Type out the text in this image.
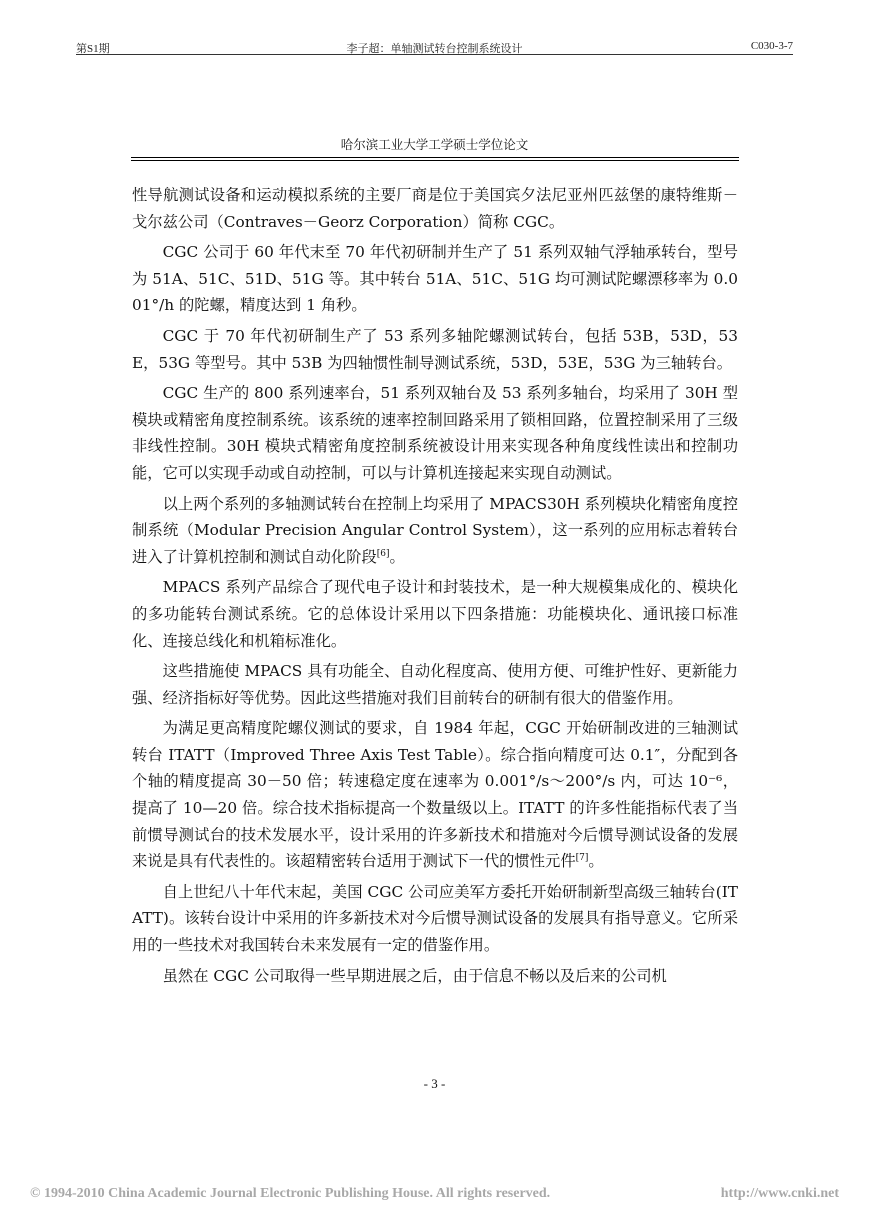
第S1期	李子超：单轴测试转台控制系统设计	C030-3-7
哈尔滨工业大学工学硕士学位论文

性导航测试设备和运动模拟系统的主要厂商是位于美国宾夕法尼亚州匹兹堡的康特维斯－戈尔兹公司（Contraves－Georz Corporation）简称 CGC。

CGC 公司于 60 年代末至 70 年代初研制并生产了 51 系列双轴气浮轴承转台，型号为 51A、51C、51D、51G 等。其中转台 51A、51C、51G 均可测试陀螺漂移率为 0.001°/h 的陀螺，精度达到 1 角秒。

CGC 于 70 年代初研制生产了 53 系列多轴陀螺测试转台，包括 53B，53D，53E，53G 等型号。其中 53B 为四轴惯性制导测试系统，53D，53E，53G 为三轴转台。

CGC 生产的 800 系列速率台，51 系列双轴台及 53 系列多轴台，均采用了 30H 型模块或精密角度控制系统。该系统的速率控制回路采用了锁相回路，位置控制采用了三级非线性控制。30H 模块式精密角度控制系统被设计用来实现各种角度线性读出和控制功能，它可以实现手动或自动控制，可以与计算机连接起来实现自动测试。

以上两个系列的多轴测试转台在控制上均采用了 MPACS30H 系列模块化精密角度控制系统（Modular Precision Angular Control System），这一系列的应用标志着转台进入了计算机控制和测试自动化阶段[6]。

MPACS 系列产品综合了现代电子设计和封装技术，是一种大规模集成化的、模块化的多功能转台测试系统。它的总体设计采用以下四条措施：功能模块化、通讯接口标准化、连接总线化和机箱标准化。

这些措施使 MPACS 具有功能全、自动化程度高、使用方便、可维护性好、更新能力强、经济指标好等优势。因此这些措施对我们目前转台的研制有很大的借鉴作用。

为满足更高精度陀螺仪测试的要求，自 1984 年起，CGC 开始研制改进的三轴测试转台 ITATT（Improved Three Axis Test Table）。综合指向精度可达 0.1″，分配到各个轴的精度提高 30－50 倍；转速稳定度在速率为 0.001°/s～200°/s 内，可达 10⁻⁶，提高了 10—20 倍。综合技术指标提高一个数量级以上。ITATT 的许多性能指标代表了当前惯导测试台的技术发展水平，设计采用的许多新技术和措施对今后惯导测试设备的发展来说是具有代表性的。该超精密转台适用于测试下一代的惯性元件[7]。

自上世纪八十年代末起，美国 CGC 公司应美军方委托开始研制新型高级三轴转台(ITATT)。该转台设计中采用的许多新技术对今后惯导测试设备的发展具有指导意义。它所采用的一些技术对我国转台未来发展有一定的借鉴作用。

虽然在 CGC 公司取得一些早期进展之后，由于信息不畅以及后来的公司机

- 3 -
© 1994-2010 China Academic Journal Electronic Publishing House. All rights reserved.	http://www.cnki.net
